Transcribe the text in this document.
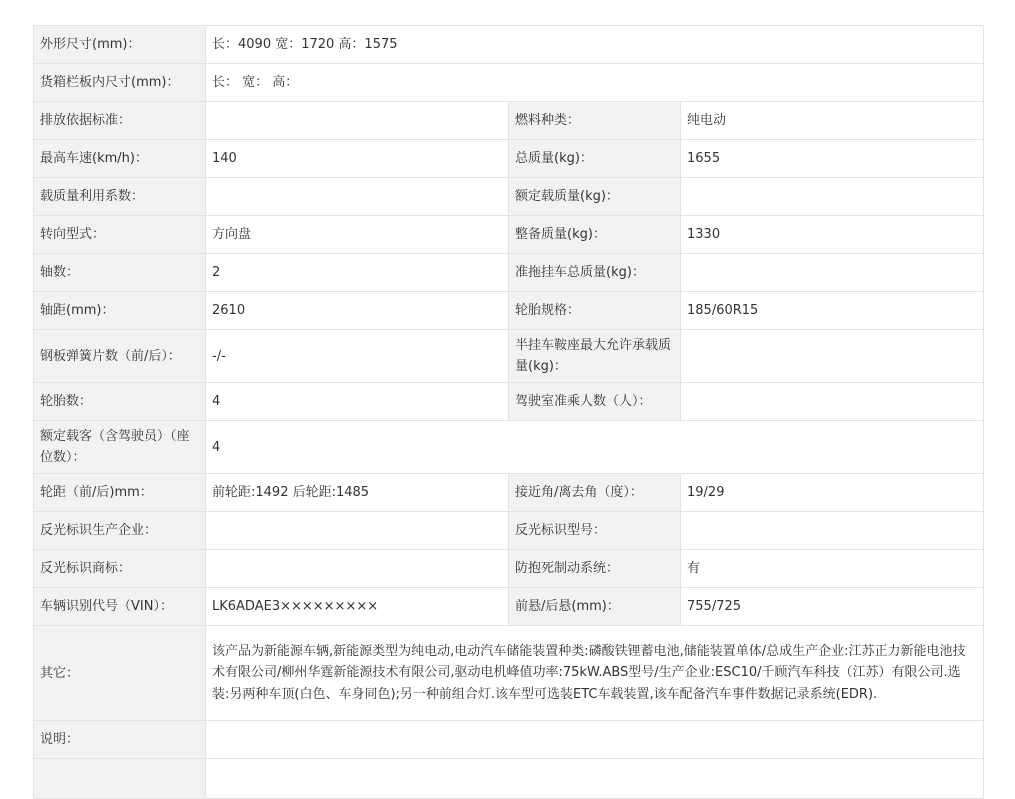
外形尺寸(mm)：	长：4090 宽：1720 高：1575		
货箱栏板内尺寸(mm)：	长： 宽： 高：		
排放依据标准：		燃料种类：	纯电动
最高车速(km/h)：	140	总质量(kg)：	1655
载质量利用系数：		额定载质量(kg)：	
转向型式：	方向盘	整备质量(kg)：	1330
轴数：	2	准拖挂车总质量(kg)：	
轴距(mm)：	2610	轮胎规格：	185/60R15
钢板弹簧片数（前/后）：	-/-	半挂车鞍座最大允许承载质量(kg)：	
轮胎数：	4	驾驶室准乘人数（人）：	
额定载客（含驾驶员）（座位数）：	4		
轮距（前/后)mm：	前轮距:1492 后轮距:1485	接近角/离去角（度）：	19/29
反光标识生产企业：		反光标识型号：	
反光标识商标：		防抱死制动系统：	有
车辆识别代号（VIN）：	LK6ADAE3×××××××××	前悬/后悬(mm)：	755/725
其它：	该产品为新能源车辆,新能源类型为纯电动,电动汽车储能装置种类:磷酸铁锂蓄电池,储能装置单体/总成生产企业:江苏正力新能电池技术有限公司/柳州华霆新能源技术有限公司,驱动电机峰值功率:75kW.ABS型号/生产企业:ESC10/千顾汽车科技（江苏）有限公司.选装:另两种车顶(白色、车身同色);另一种前组合灯.该车型可选装ETC车载装置,该车配备汽车事件数据记录系统(EDR).		
说明：			
